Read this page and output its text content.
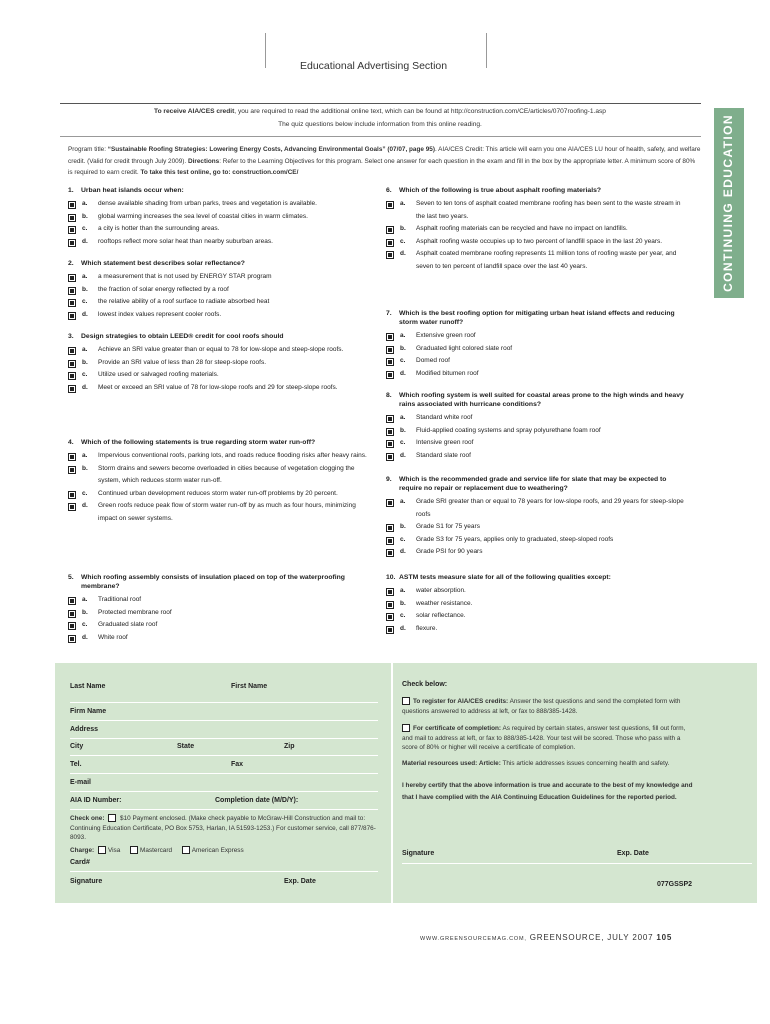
Educational Advertising Section
CONTINUING EDUCATION
To receive AIA/CES credit, you are required to read the additional online text, which can be found at http://construction.com/CE/articles/0707roofing-1.asp
The quiz questions below include information from this online reading.
Program title: “Sustainable Roofing Strategies: Lowering Energy Costs, Advancing Environmental Goals” (07/07, page 95). AIA/CES Credit: This article will earn you one AIA/CES LU hour of health, safety, and welfare credit. (Valid for credit through July 2009). Directions: Refer to the Learning Objectives for this program. Select one answer for each question in the exam and fill in the box by the appropriate letter. A minimum score of 80% is required to earn credit. To take this test online, go to: construction.com/CE/
1. Urban heat islands occur when:
a. dense available shading from urban parks, trees and vegetation is available.
b. global warming increases the sea level of coastal cities in warm climates.
c. a city is hotter than the surrounding areas.
d. rooftops reflect more solar heat than nearby suburban areas.
2. Which statement best describes solar reflectance?
a. a measurement that is not used by ENERGY STAR program
b. the fraction of solar energy reflected by a roof
c. the relative ability of a roof surface to radiate absorbed heat
d. lowest index values represent cooler roofs.
3. Design strategies to obtain LEED® credit for cool roofs should
a. Achieve an SRI value greater than or equal to 78 for low-slope and steep-slope roofs.
b. Provide an SRI value of less than 28 for steep-slope roofs.
c. Utilize used or salvaged roofing materials.
d. Meet or exceed an SRI value of 78 for low-slope roofs and 29 for steep-slope roofs.
4. Which of the following statements is true regarding storm water run-off?
a. Impervious conventional roofs, parking lots, and roads reduce flooding risks after heavy rains.
b. Storm drains and sewers become overloaded in cities because of vegetation clogging the system, which reduces storm water run-off.
c. Continued urban development reduces storm water run-off problems by 20 percent.
d. Green roofs reduce peak flow of storm water run-off by as much as four hours, minimizing impact on sewer systems.
5. Which roofing assembly consists of insulation placed on top of the waterproofing membrane?
a. Traditional roof
b. Protected membrane roof
c. Graduated slate roof
d. White roof
6. Which of the following is true about asphalt roofing materials?
a. Seven to ten tons of asphalt coated membrane roofing has been sent to the waste stream in the last two years.
b. Asphalt roofing materials can be recycled and have no impact on landfills.
c. Asphalt roofing waste occupies up to two percent of landfill space in the last 20 years.
d. Asphalt coated membrane roofing represents 11 million tons of roofing waste per year, and seven to ten percent of landfill space over the last 40 years.
7. Which is the best roofing option for mitigating urban heat island effects and reducing storm water runoff?
a. Extensive green roof
b. Graduated light colored slate roof
c. Domed roof
d. Modified bitumen roof
8. Which roofing system is well suited for coastal areas prone to the high winds and heavy rains associated with hurricane conditions?
a. Standard white roof
b. Fluid-applied coating systems and spray polyurethane foam roof
c. Intensive green roof
d. Standard slate roof
9. Which is the recommended grade and service life for slate that may be expected to require no repair or replacement due to weathering?
a. Grade SRI greater than or equal to 78 years for low-slope roofs, and 29 years for steep-slope roofs
b. Grade S1 for 75 years
c. Grade S3 for 75 years, applies only to graduated, steep-sloped roofs
d. Grade PSI for 90 years
10. ASTM tests measure slate for all of the following qualities except:
a. water absorption.
b. weather resistance.
c. solar reflectance.
d. flexure.
Last Name	First Name
Firm Name
Address
City	State	Zip
Tel.	Fax
E-mail
AIA ID Number:	Completion date (M/D/Y):
Check one: $10 Payment enclosed. (Make check payable to McGraw-Hill Construction and mail to: Continuing Education Certificate, PO Box 5753, Harlan, IA 51593-1253.) For customer service, call 877/876-8093.
Charge: Visa	Mastercard	American Express
Card#
Signature	Exp. Date
Check below:
To register for AIA/CES credits: Answer the test questions and send the completed form with questions answered to address at left, or fax to 888/385-1428.
For certificate of completion: As required by certain states, answer test questions, fill out form, and mail to address at left, or fax to 888/385-1428. Your test will be scored. Those who pass with a score of 80% or higher will receive a certificate of completion.
Material resources used: Article: This article addresses issues concerning health and safety.
I hereby certify that the above information is true and accurate to the best of my knowledge and that I have complied with the AIA Continuing Education Guidelines for the reported period.
Signature	Exp. Date
077GSSP2
WWW.GREENSOURCEMAG.COM, GREENSOURCE, JULY 2007 105
